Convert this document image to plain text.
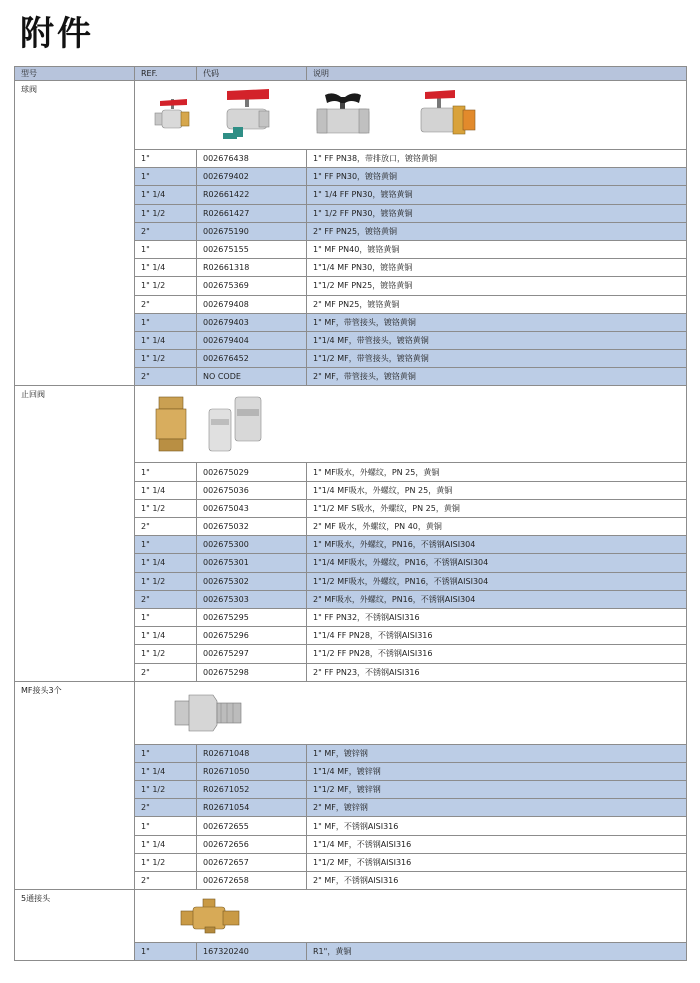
附件
型号	REF.	代码	说明
球阀	

	1"	002676438	1" FF PN38，带排放口，镀铬黄铜
	1"	002679402	1" FF PN30，镀铬黄铜
	1" 1/4	R02661422	1" 1/4 FF PN30，镀铬黄铜
	1" 1/2	R02661427	1" 1/2 FF PN30，镀铬黄铜
	2"	002675190	2" FF PN25，镀铬黄铜
	1"	002675155	1" MF PN40，镀铬黄铜
	1" 1/4	R02661318	1"1/4 MF PN30，镀铬黄铜
	1" 1/2	002675369	1"1/2 MF PN25，镀铬黄铜
	2"	002679408	2" MF PN25，镀铬黄铜
	1"	002679403	1" MF，带管接头，镀铬黄铜
	1" 1/4	002679404	1"1/4 MF，带管接头，镀铬黄铜
	1" 1/2	002676452	1"1/2 MF，带管接头，镀铬黄铜
	2"	NO CODE	2" MF，带管接头，镀铬黄铜
止回阀	

	1"	002675029	1" MF吸水，外螺纹，PN 25，黄铜
	1" 1/4	002675036	1"1/4 MF吸水，外螺纹，PN 25，黄铜
	1" 1/2	002675043	1"1/2 MF S吸水，外螺纹，PN 25，黄铜
	2"	002675032	2" MF 吸水，外螺纹，PN 40，黄铜
	1"	002675300	1" MF吸水，外螺纹，PN16，不锈钢AISI304
	1" 1/4	002675301	1"1/4 MF吸水，外螺纹，PN16，不锈钢AISI304
	1" 1/2	002675302	1"1/2 MF吸水，外螺纹，PN16，不锈钢AISI304
	2"	002675303	2" MF吸水，外螺纹，PN16，不锈钢AISI304
	1"	002675295	1" FF PN32，不锈钢AISI316
	1" 1/4	002675296	1"1/4 FF PN28，不锈钢AISI316
	1" 1/2	002675297	1"1/2 FF PN28，不锈钢AISI316
	2"	002675298	2" FF PN23，不锈钢AISI316
MF接头3个	

	1"	R02671048	1" MF，镀锌钢
	1" 1/4	R02671050	1"1/4 MF，镀锌钢
	1" 1/2	R02671052	1"1/2 MF，镀锌钢
	2"	R02671054	2" MF，镀锌钢
	1"	002672655	1" MF，不锈钢AISI316
	1" 1/4	002672656	1"1/4 MF，不锈钢AISI316
	1" 1/2	002672657	1"1/2 MF，不锈钢AISI316
	2"	002672658	2" MF，不锈钢AISI316
5通接头	

	1"	167320240	R1"，黄铜
